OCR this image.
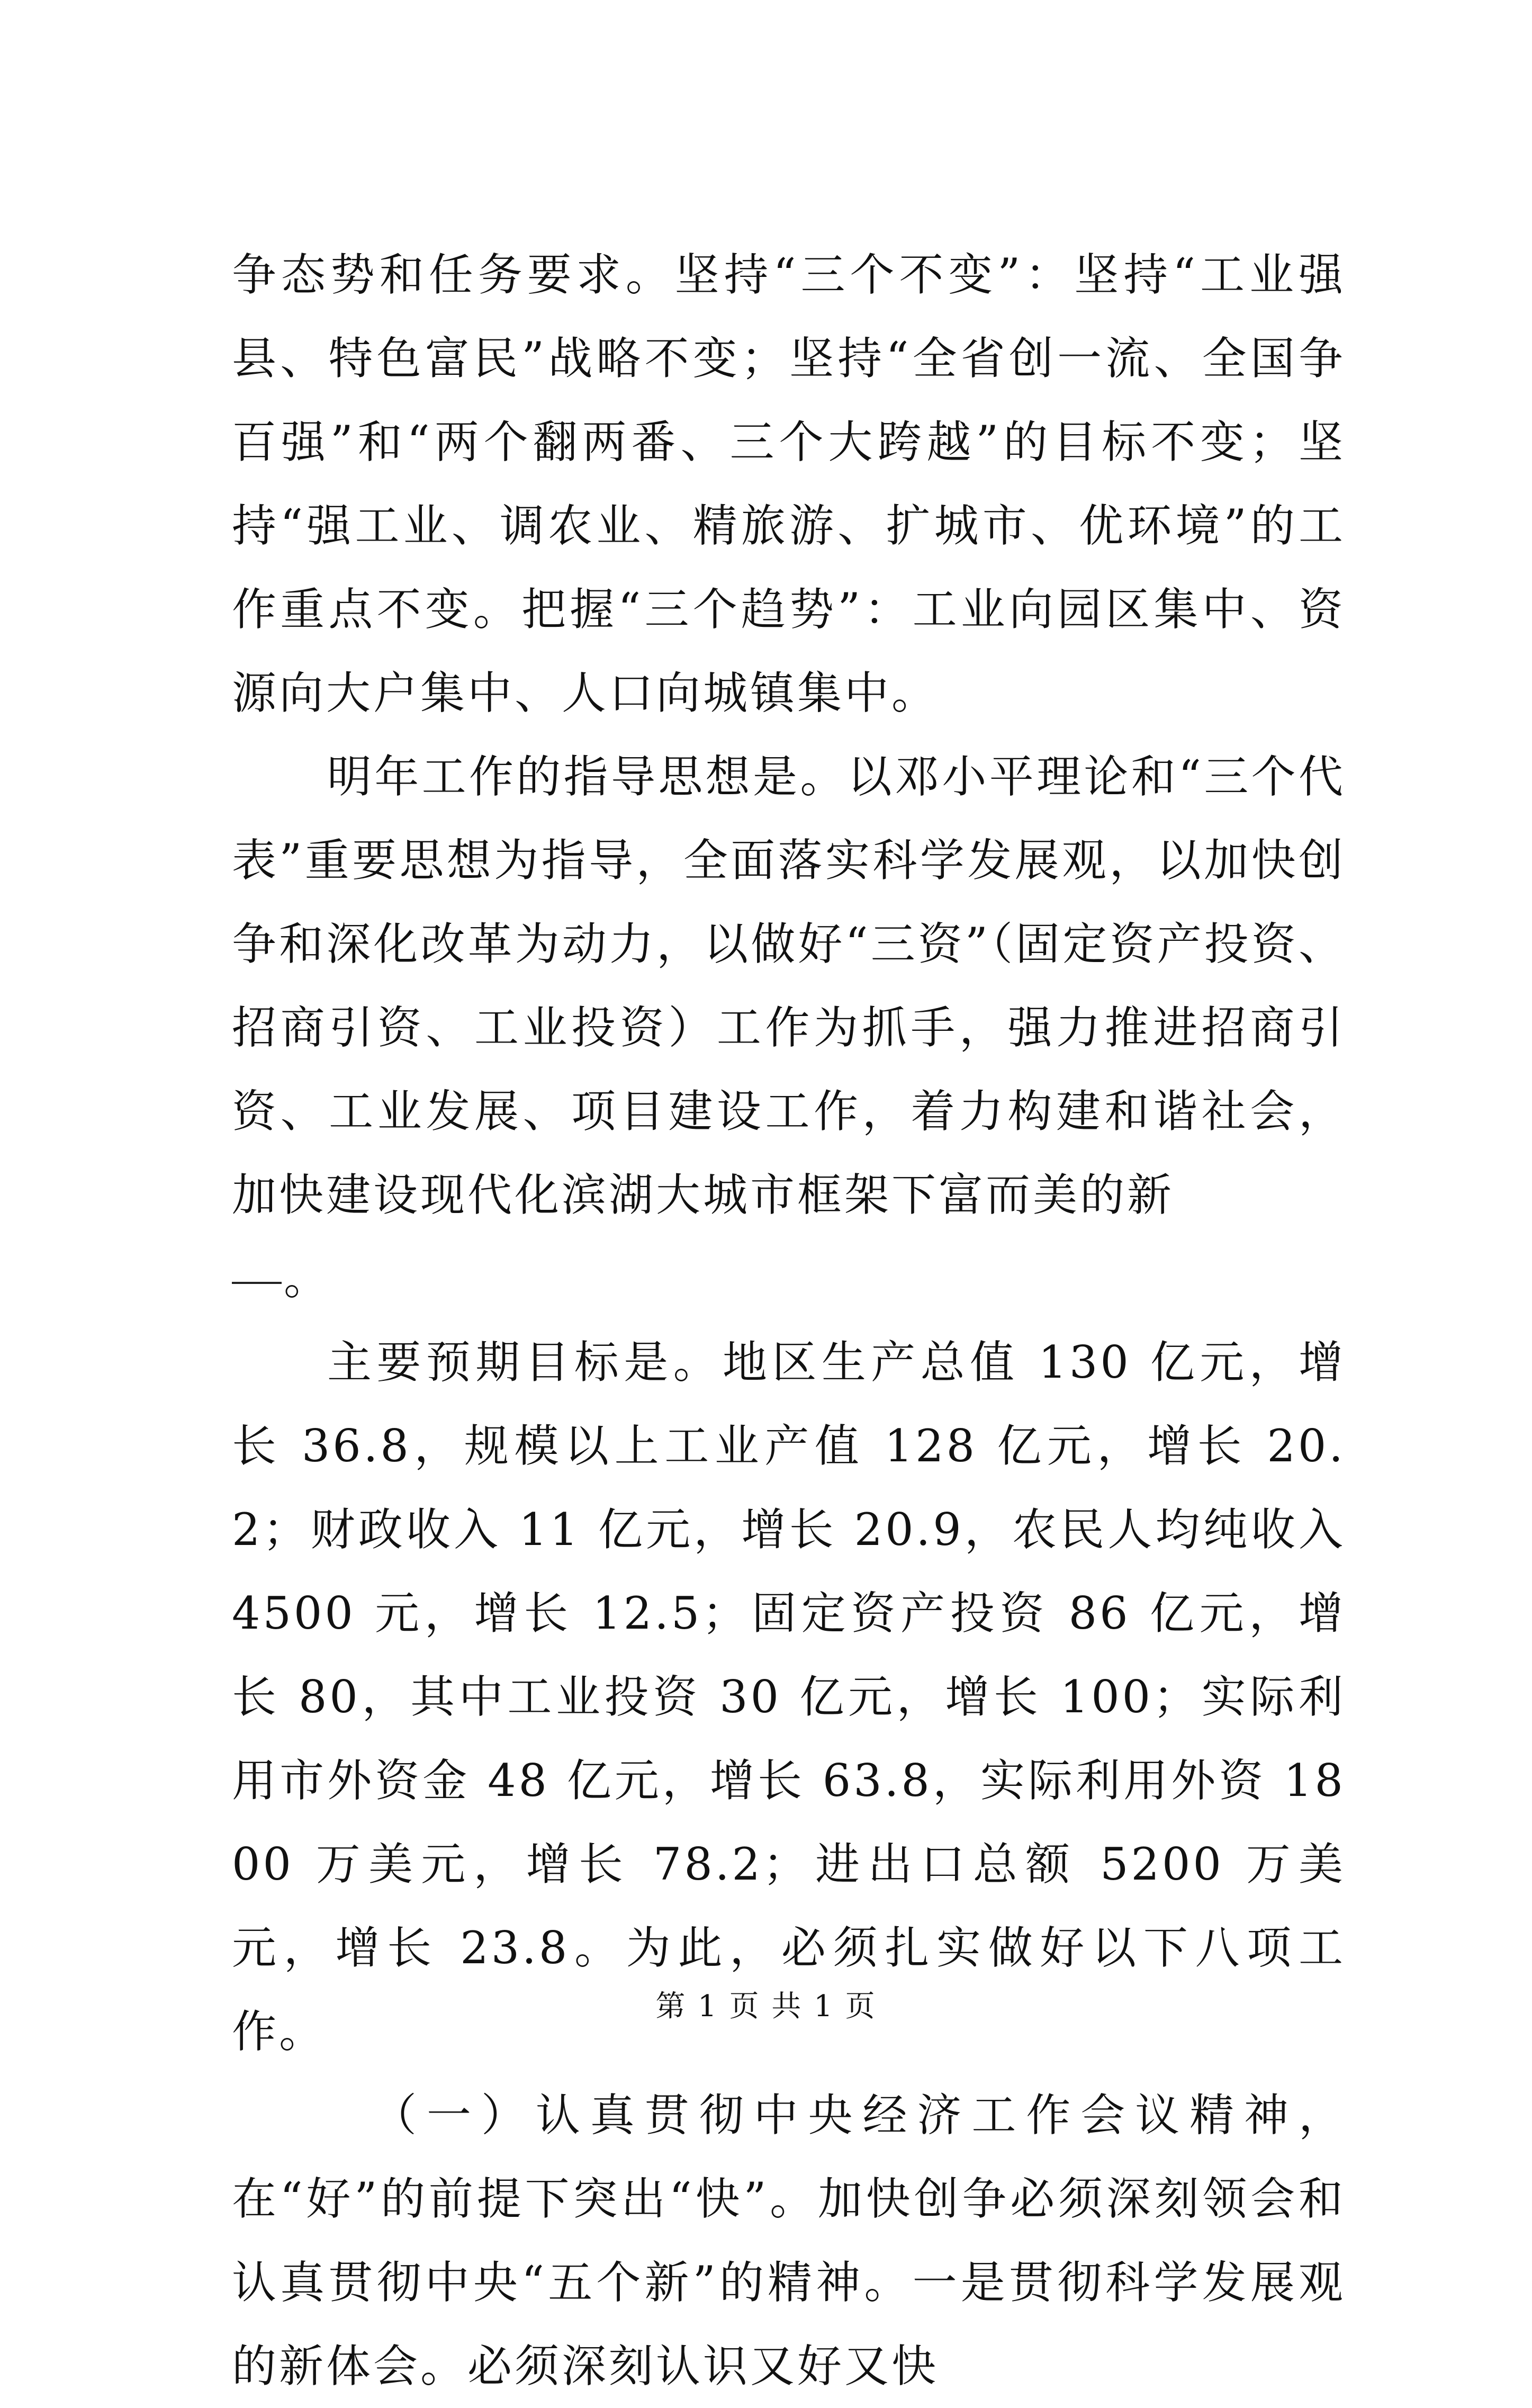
争态势和任务要求。坚持“三个不变”：坚持“工业强县、特色富民”战略不变；坚持“全省创一流、全国争百强”和“两个翻两番、三个大跨越”的目标不变；坚持“强工业、调农业、精旅游、扩城市、优环境”的工作重点不变。把握“三个趋势”：工业向园区集中、资源向大户集中、人口向城镇集中。

明年工作的指导思想是。以邓小平理论和“三个代表”重要思想为指导，全面落实科学发展观，以加快创争和深化改革为动力，以做好“三资”（固定资产投资、招商引资、工业投资）工作为抓手，强力推进招商引资、工业发展、项目建设工作，着力构建和谐社会，加快建设现代化滨湖大城市框架下富而美的新
。

主要预期目标是。地区生产总值 130 亿元，增长 36.8，规模以上工业产值 128 亿元，增长 20.2；财政收入 11 亿元，增长 20.9，农民人均纯收入 4500 元，增长 12.5；固定资产投资 86 亿元，增长 80，其中工业投资 30 亿元，增长 100；实际利用市外资金 48 亿元，增长 63.8，实际利用外资 1800 万美元，增长 78.2；进出口总额 5200 万美元，增长 23.8。为此，必须扎实做好以下八项工作。

（一）认真贯彻中央经济工作会议精神，在“好”的前提下突出“快”。加快创争必须深刻领会和认真贯彻中央“五个新”的精神。一是贯彻科学发展观的新体会。必须深刻认识又好又快

第 1 页 共 1 页
